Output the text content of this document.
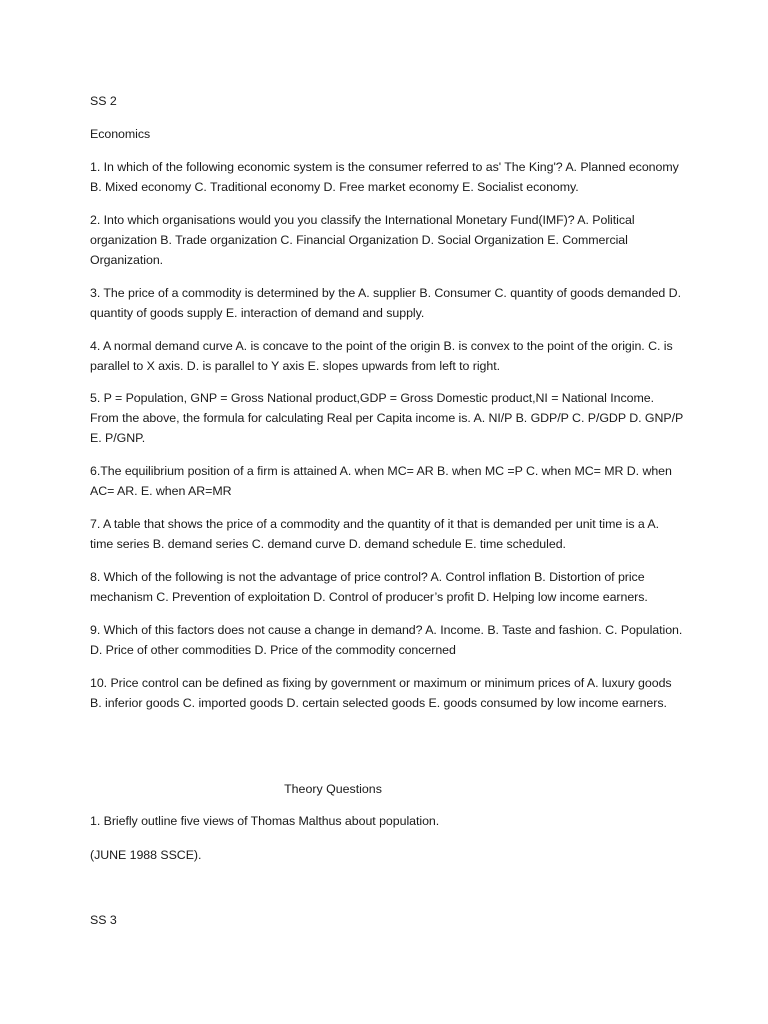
SS 2

Economics

1. In which of the following economic system is the consumer referred to as' The King'? A. Planned economy B. Mixed economy C. Traditional economy D. Free market economy E. Socialist economy.

2. Into which organisations would you you classify the International Monetary Fund(IMF)? A. Political organization B. Trade organization C. Financial Organization D. Social Organization E. Commercial Organization.

3. The price of a commodity is determined by the A. supplier B. Consumer C. quantity of goods demanded D. quantity of goods supply E. interaction of demand and supply.

4. A normal demand curve A. is concave to the point of the origin B. is convex to the point of the origin. C. is parallel to X axis. D. is parallel to Y axis E. slopes upwards from left to right.

5. P = Population, GNP = Gross National product,GDP = Gross Domestic product,NI = National Income. From the above, the formula for calculating Real per Capita income is. A. NI/P B. GDP/P C. P/GDP D. GNP/P E. P/GNP.

6.The equilibrium position of a firm is attained A. when MC= AR B. when MC =P C. when MC= MR D. when AC= AR. E. when AR=MR

7. A table that shows the price of a commodity and the quantity of it that is demanded per unit time is a A. time series B. demand series C. demand curve D. demand schedule E. time scheduled.

8. Which of the following is not the advantage of price control? A. Control inflation B. Distortion of price mechanism C. Prevention of exploitation D. Control of producer’s profit D. Helping low income earners.

9. Which of this factors does not cause a change in demand? A. Income. B. Taste and fashion. C. Population. D. Price of other commodities D. Price of the commodity concerned

10. Price control can be defined as fixing by government or maximum or minimum prices of A. luxury goods B. inferior goods C. imported goods D. certain selected goods E. goods consumed by low income earners.

Theory Questions

1. Briefly outline five views of Thomas Malthus about population.

(JUNE 1988 SSCE).

SS 3
